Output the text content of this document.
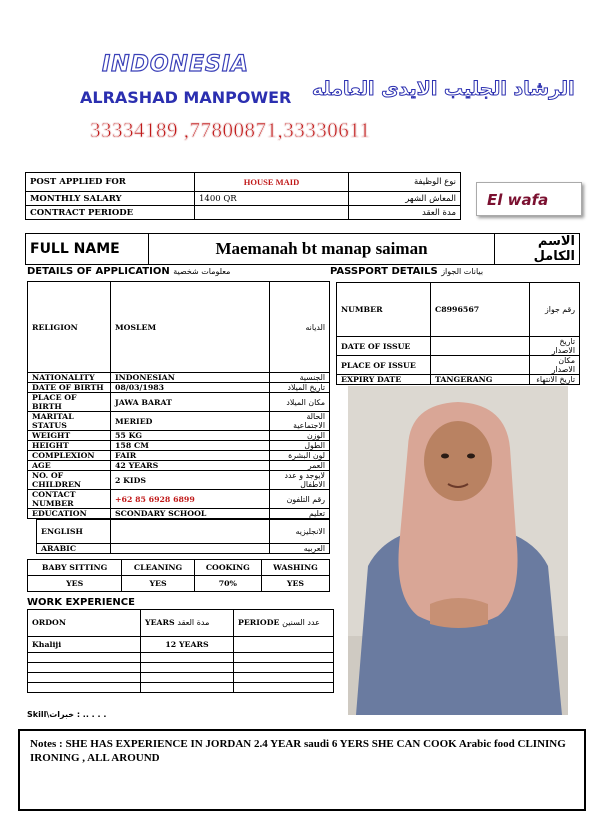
INDONESIA
ALRASHAD MANPOWER
33334189 ,77800871,33330611
الرشاد الجليب الايدى العامله
POST APPLIED FOR	HOUSE MAID	نوع الوظيفة
MONTHLY SALARY	1400 QR	المعاش الشهر
CONTRACT PERIODE		مدة العقد
El wafa
FULL NAME	Maemanah bt manap saiman	الاسم الكامل
DETAILS OF APPLICATION معلومات شخصية
RELIGION	MOSLEM	الديانه
NATIONALITY	INDONESIAN	الجنسية
DATE OF BIRTH	08/03/1983	تاريخ الميلاد
PLACE OF BIRTH	JAWA BARAT	مكان الميلاد
MARITAL STATUS	MERIED	الحالة الاجتماعية
WEIGHT	55 KG	الوزن
HEIGHT	158 CM	الطول
COMPLEXION	FAIR	لون البشرة
AGE	42 YEARS	العمر
NO. OF CHILDREN	2 KIDS	لايوجد و عدد الاطفال
CONTACT NUMBER	+62 85 6928 6899	رقم التلفون
EDUCATION	SCONDARY SCHOOL	تعليم
ENGLISH		الانجليزيه
ARABIC		العربيه
PASSPORT DETAILS بيانات الجواز
NUMBER	C8996567	رقم جواز
DATE OF ISSUE		تاريخ الاصدار
PLACE OF ISSUE		مكان الاصدار
EXPIRY DATE	TANGERANG	تاريخ الانتهاء
BABY SITTING	CLEANING	COOKING	WASHING
YES	YES	70%	YES
WORK EXPERIENCE
ORDON	YEARS مدة العقد	PERIODE عدد السنين
Khaliji	12 YEARS	

Skill\خبرات : .. . . .
Notes : SHE HAS EXPERIENCE IN JORDAN 2.4 YEAR saudi 6 YERS SHE CAN COOK Arabic food CLINING IRONING , ALL AROUND
